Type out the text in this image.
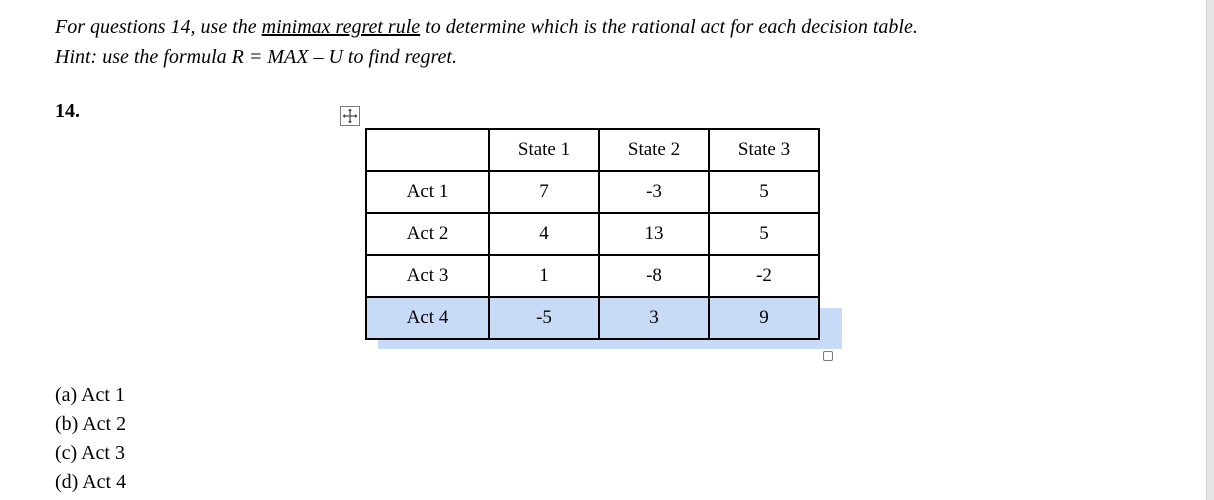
For questions 14, use the minimax regret rule to determine which is the rational act for each decision table.
Hint: use the formula R = MAX – U to find regret.
14.
	State 1	State 2	State 3
Act 1	7	-3	5
Act 2	4	13	5
Act 3	1	-8	-2
Act 4	-5	3	9
(a) Act 1
(b) Act 2
(c) Act 3
(d) Act 4
